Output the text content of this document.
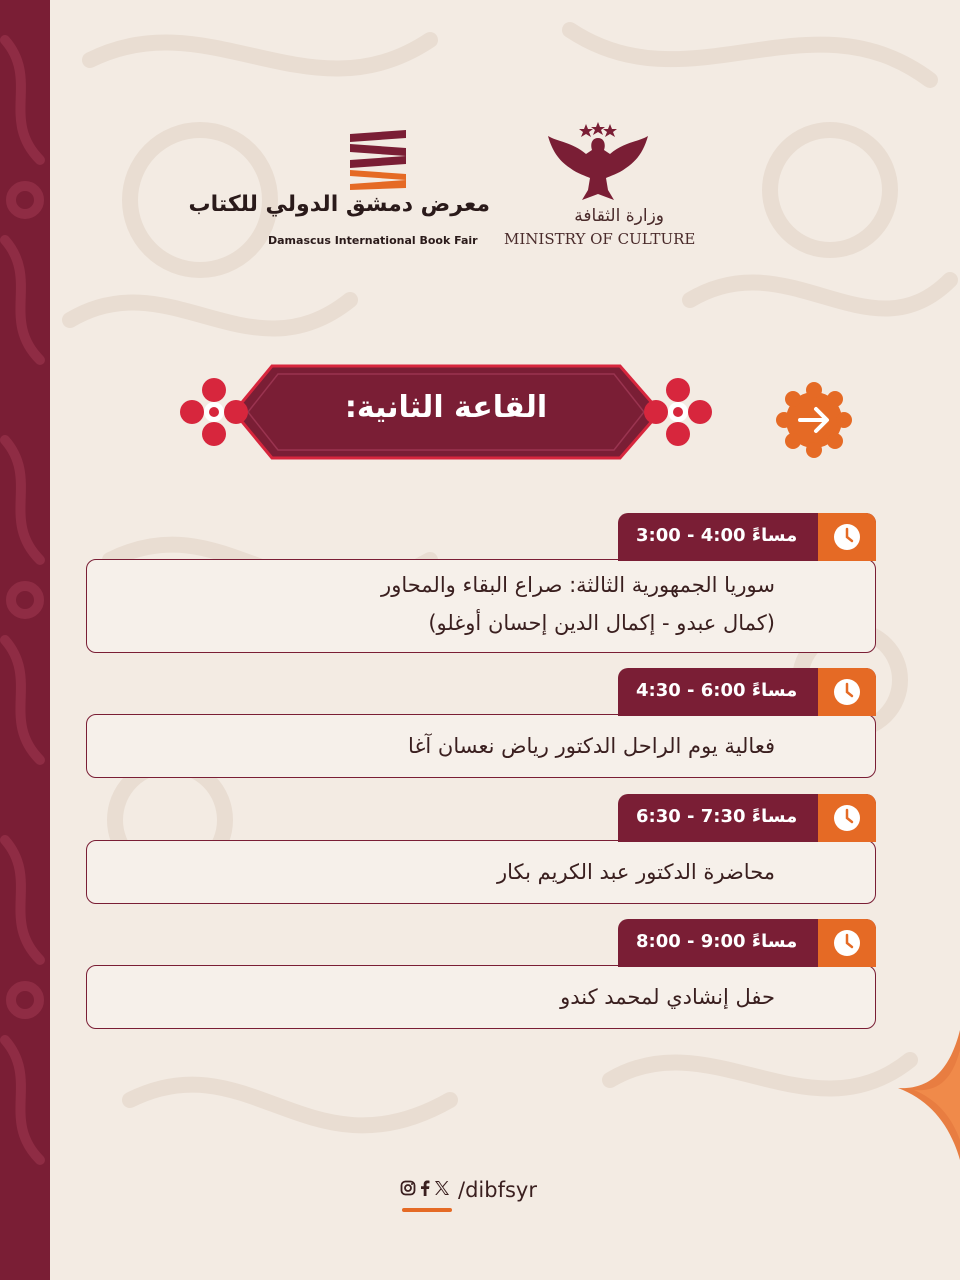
معرض دمشق الدولي للكتاب
Damascus International Book Fair
وزارة الثقافة
MINISTRY OF CULTURE
القاعة الثانية:
سوريا الجمهورية الثالثة: صراع البقاء والمحاور
(كمال عبدو - إكمال الدين إحسان أوغلو)
3:00 - 4:00 مساءً
فعالية يوم الراحل الدكتور رياض نعسان آغا
4:30 - 6:00 مساءً
محاضرة الدكتور عبد الكريم بكار
6:30 - 7:30 مساءً
حفل إنشادي لمحمد كندو
8:00 - 9:00 مساءً
/dibfsyr
